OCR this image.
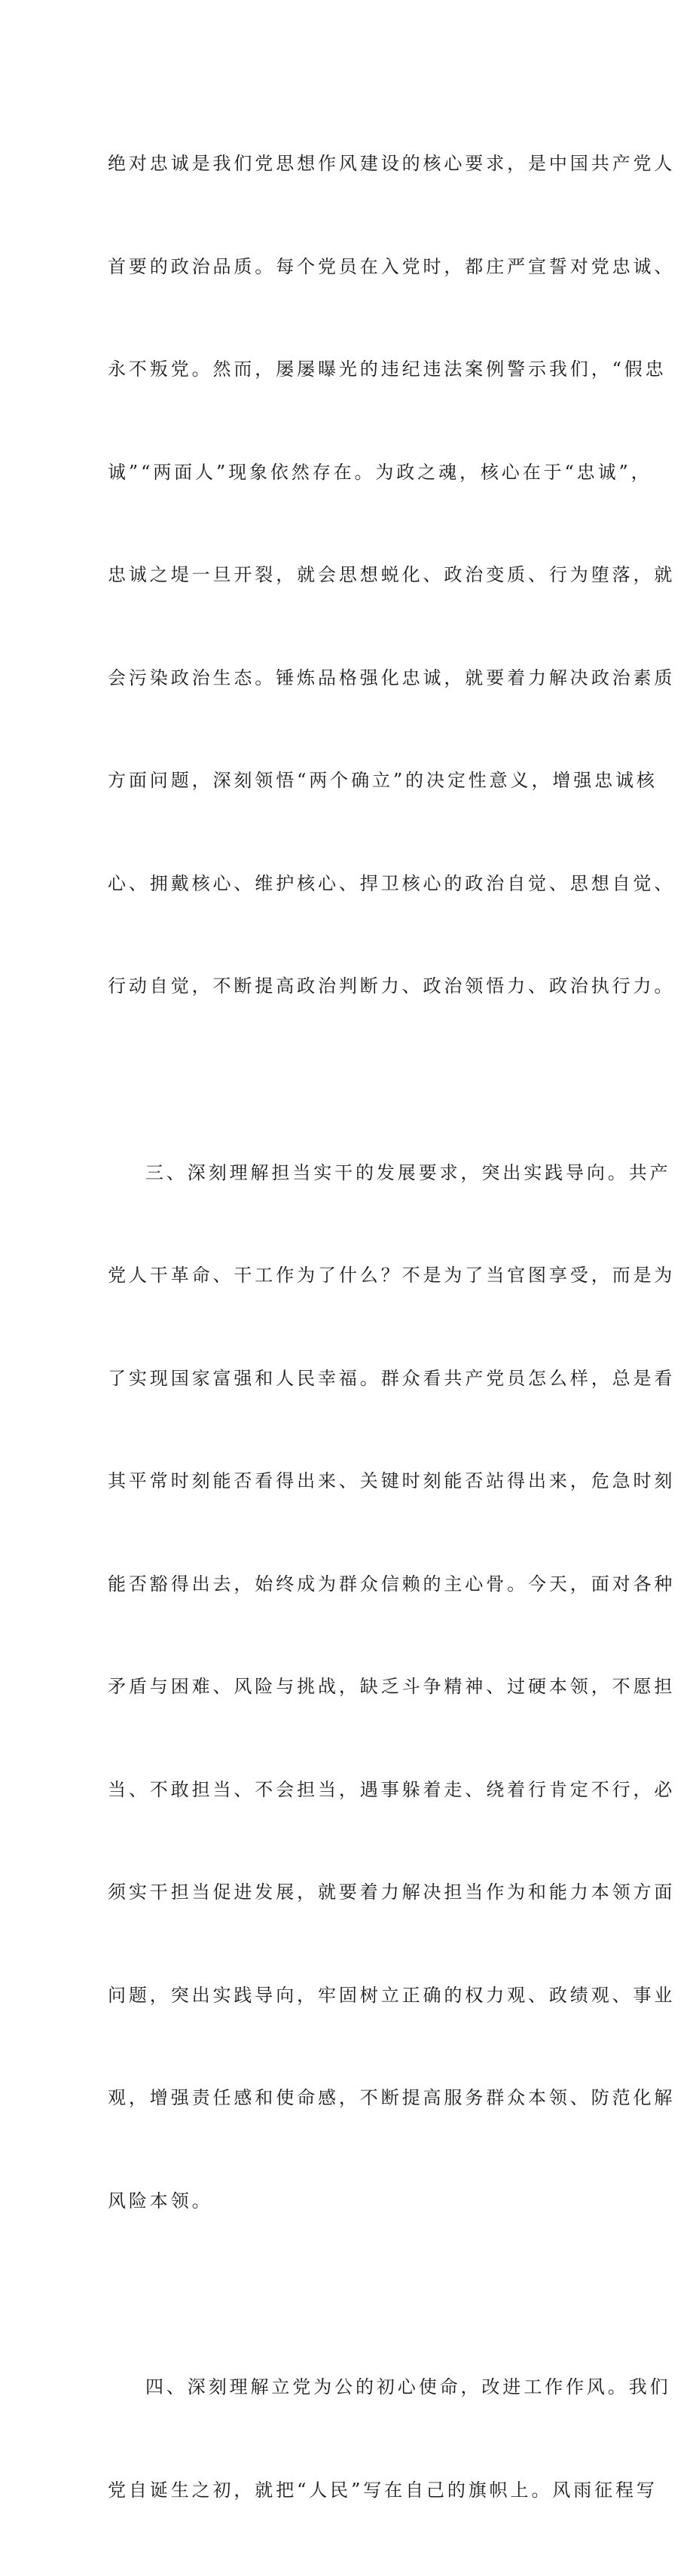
绝对忠诚是我们党思想作风建设的核心要求，是中国共产党人

首要的政治品质。每个党员在入党时，都庄严宣誓对党忠诚、

永不叛党。然而，屡屡曝光的违纪违法案例警示我们，“假忠

诚”“两面人”现象依然存在。为政之魂，核心在于“忠诚”，

忠诚之堤一旦开裂，就会思想蜕化、政治变质、行为堕落，就

会污染政治生态。锤炼品格强化忠诚，就要着力解决政治素质

方面问题，深刻领悟“两个确立”的决定性意义，增强忠诚核

心、拥戴核心、维护核心、捍卫核心的政治自觉、思想自觉、

行动自觉，不断提高政治判断力、政治领悟力、政治执行力。

三、深刻理解担当实干的发展要求，突出实践导向。共产

党人干革命、干工作为了什么？不是为了当官图享受，而是为

了实现国家富强和人民幸福。群众看共产党员怎么样，总是看

其平常时刻能否看得出来、关键时刻能否站得出来，危急时刻

能否豁得出去，始终成为群众信赖的主心骨。今天，面对各种

矛盾与困难、风险与挑战，缺乏斗争精神、过硬本领，不愿担

当、不敢担当、不会担当，遇事躲着走、绕着行肯定不行，必

须实干担当促进发展，就要着力解决担当作为和能力本领方面

问题，突出实践导向，牢固树立正确的权力观、政绩观、事业

观，增强责任感和使命感，不断提高服务群众本领、防范化解

风险本领。

四、深刻理解立党为公的初心使命，改进工作作风。我们

党自诞生之初，就把“人民”写在自己的旗帜上。风雨征程写
